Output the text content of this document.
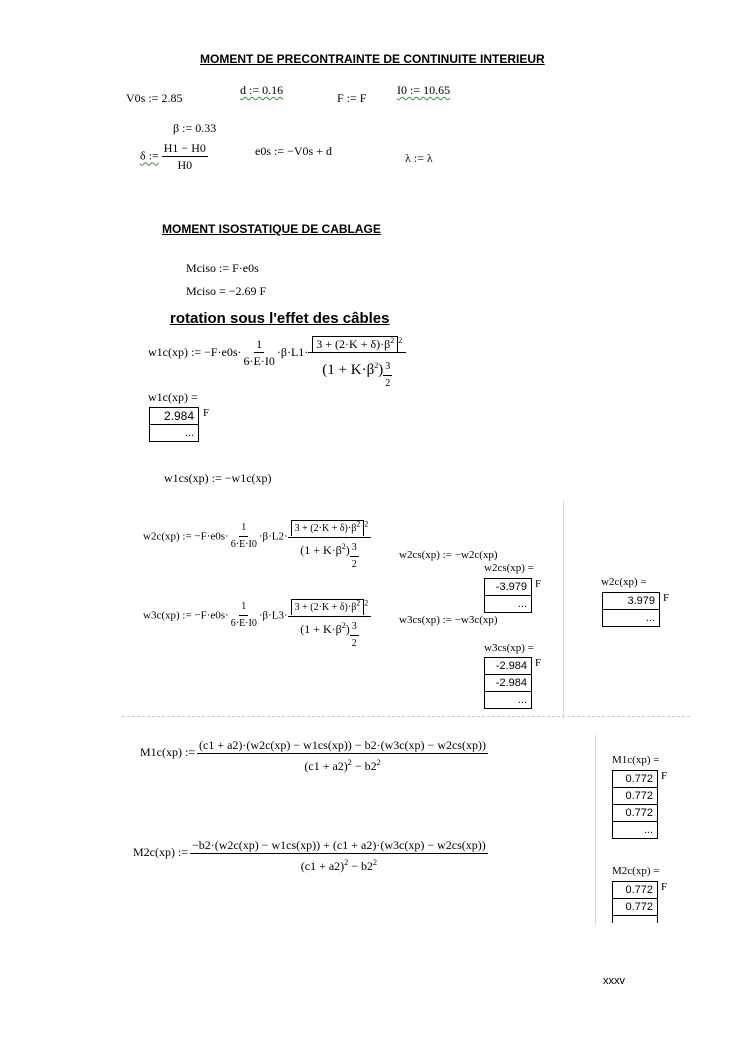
MOMENT DE PRECONTRAINTE DE CONTINUITE INTERIEUR
V0s := 2.85
d := 0.16
F := F
I0 := 10.65
β := 0.33
δ := $\frac{H1 - H0}{H0}$	e0s := −V0s + d	λ := λ
MOMENT ISOSTATIQUE DE CABLAGE
Mciso := F·e0s
Mciso = −2.69 F
rotation sous l'effet des câbles
w1c(xp) := $-F\cdot e0s\cdot \frac{1}{6\cdot E\cdot I0} \cdot\beta\cdot L1\cdot \frac{3 + (2\cdot K + \delta)\cdot\beta^2 ^2}{(1 + K\cdot\beta^2) \frac{3}{2}}$
w1c(xp) =
2.984
...
F
w1cs(xp) := −w1c(xp)
w2c(xp) := $-F\cdot e0s\cdot \frac{1}{6\cdot E\cdot I0} \cdot\beta\cdot L2\cdot \frac{3 + (2\cdot K + \delta)\cdot\beta^2 ^2}{(1 + K\cdot\beta^2) \frac{3}{2}}$	w2cs(xp) := −w2c(xp)
w2cs(xp) =
-3.979
...
F	w2c(xp) =
3.979
...
F
w3c(xp) := $-F\cdot e0s\cdot \frac{1}{6\cdot E\cdot I0} \cdot\beta\cdot L3\cdot \frac{3 + (2\cdot K + \delta)\cdot\beta^2 ^2}{(1 + K\cdot\beta^2) \frac{3}{2}}$	w3cs(xp) := −w3c(xp)
w3cs(xp) =
-2.984
-2.984
...
F
M1c(xp) := $\frac{(c1 + a2)\cdot(w2c(xp) - w1cs(xp)) - b2\cdot(w3c(xp) - w2cs(xp))}{(c1 + a2)^2 - b2^2}$	M1c(xp) =
0.772
0.772
0.772
...
F
M2c(xp) := $\frac{-b2\cdot(w2c(xp) - w1cs(xp)) + (c1 + a2)\cdot(w3c(xp) - w2cs(xp))}{(c1 + a2)^2 - b2^2}$	M2c(xp) =
0.772
0.772

F
xxxv
